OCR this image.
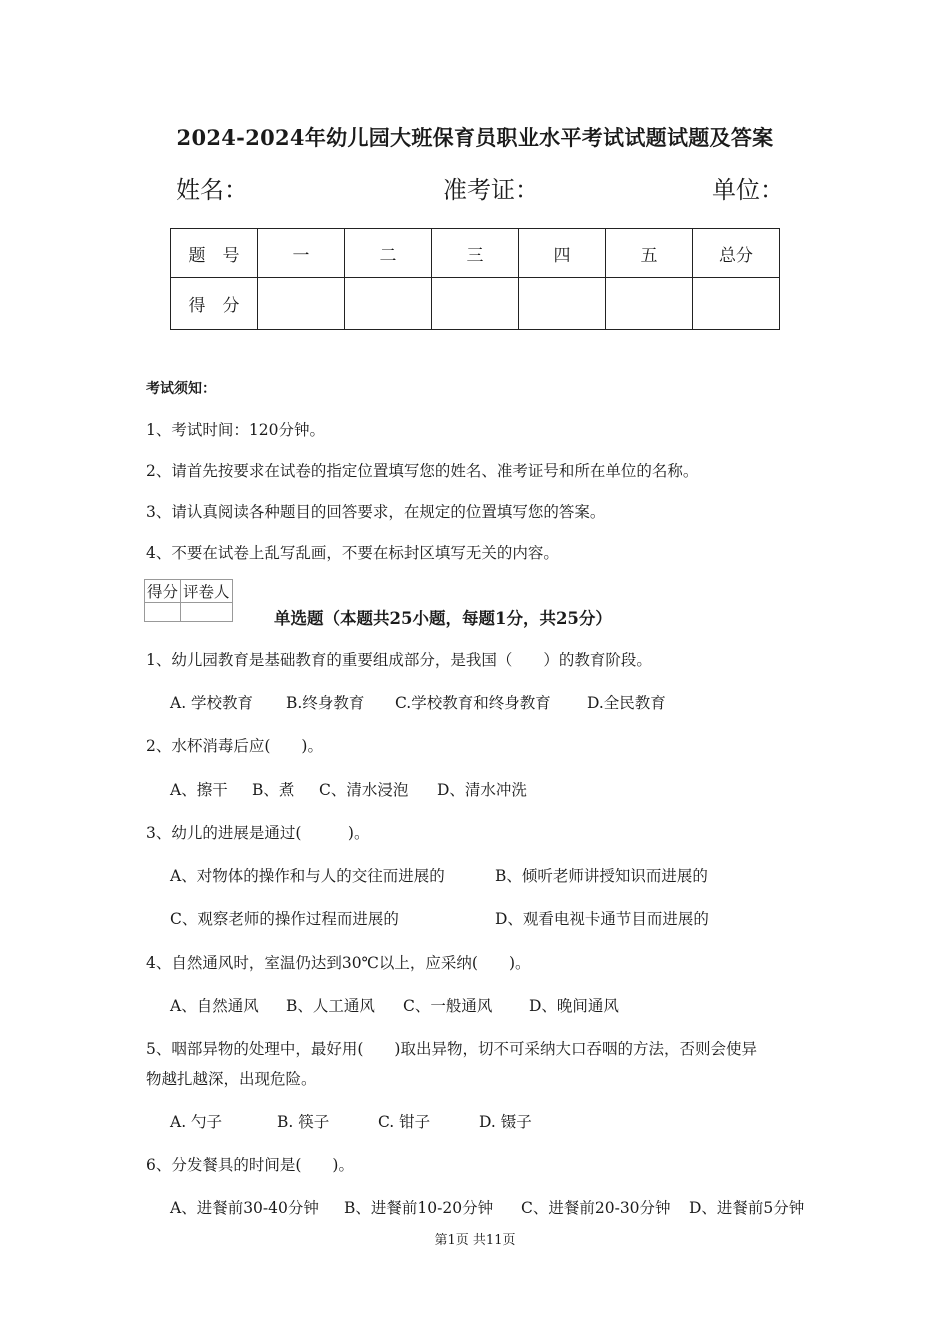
2024-2024年幼儿园大班保育员职业水平考试试题试题及答案
姓名：	准考证：	单位：
题　号	一	二	三	四	五	总分
得　分						
考试须知：
1、考试时间：120分钟。
2、请首先按要求在试卷的指定位置填写您的姓名、准考证号和所在单位的名称。
3、请认真阅读各种题目的回答要求，在规定的位置填写您的答案。
4、不要在试卷上乱写乱画，不要在标封区填写无关的内容。
得分	评卷人

单选题（本题共25小题，每题1分，共25分）
1、幼儿园教育是基础教育的重要组成部分，是我国（　　）的教育阶段。
A. 学校教育 B.终身教育 C.学校教育和终身教育 D.全民教育
2、水杯消毒后应(　　)。
A、擦干 B、煮 C、清水浸泡 D、清水冲洗
3、幼儿的进展是通过(　　　)。
A、对物体的操作和与人的交往而进展的	B、倾听老师讲授知识而进展的
C、观察老师的操作过程而进展的	D、观看电视卡通节目而进展的
4、自然通风时，室温仍达到30℃以上，应采纳(　　)。
A、自然通风 B、人工通风 C、一般通风 D、晚间通风
5、咽部异物的处理中，最好用(　　)取出异物，切不可采纳大口吞咽的方法，否则会使异
物越扎越深，出现危险。
A. 勺子	B. 筷子	C. 钳子	D. 镊子
6、分发餐具的时间是(　　)。
A、进餐前30-40分钟 B、进餐前10-20分钟 C、进餐前20-30分钟 D、进餐前5分钟
第1页 共11页
